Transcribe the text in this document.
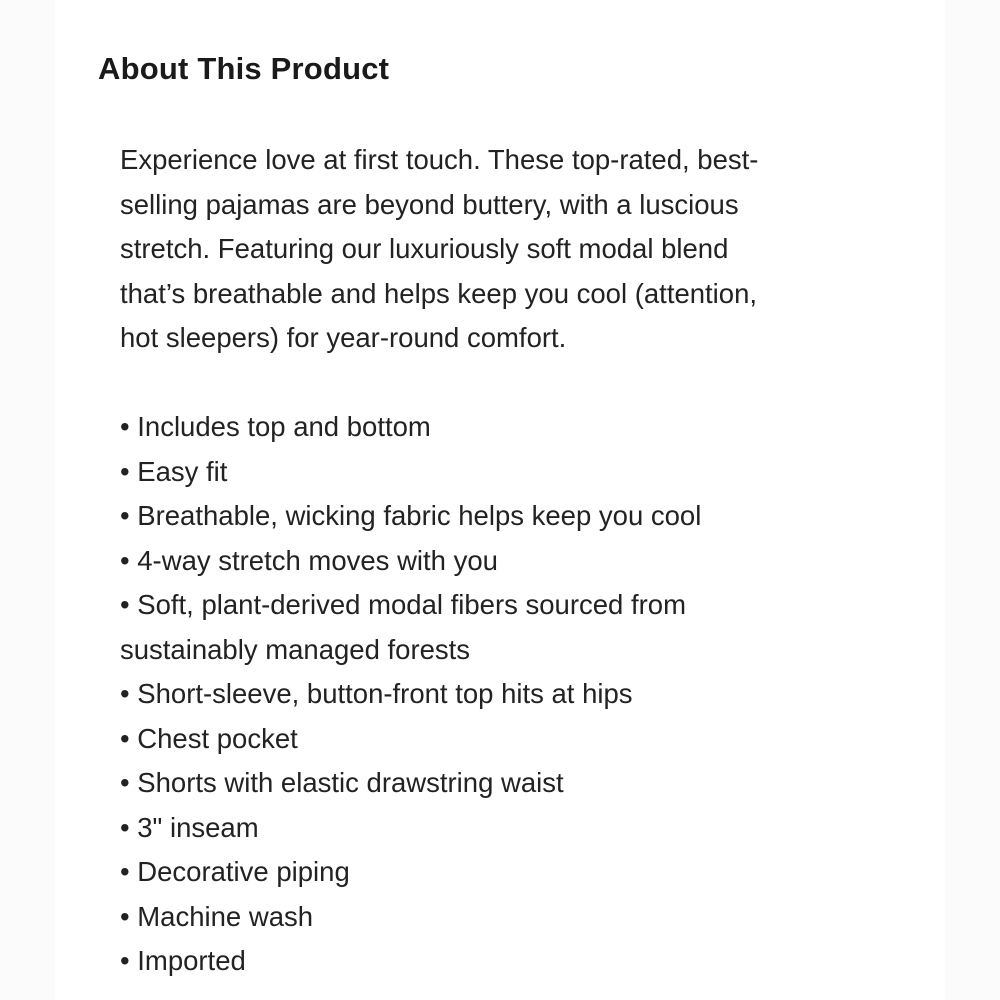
About This Product
Experience love at first touch. These top-rated, best-
selling pajamas are beyond buttery, with a luscious
stretch. Featuring our luxuriously soft modal blend
that’s breathable and helps keep you cool (attention,
hot sleepers) for year-round comfort.
• Includes top and bottom
• Easy fit
• Breathable, wicking fabric helps keep you cool
• 4-way stretch moves with you
• Soft, plant-derived modal fibers sourced from
sustainably managed forests
• Short-sleeve, button-front top hits at hips
• Chest pocket
• Shorts with elastic drawstring waist
• 3" inseam
• Decorative piping
• Machine wash
• Imported
